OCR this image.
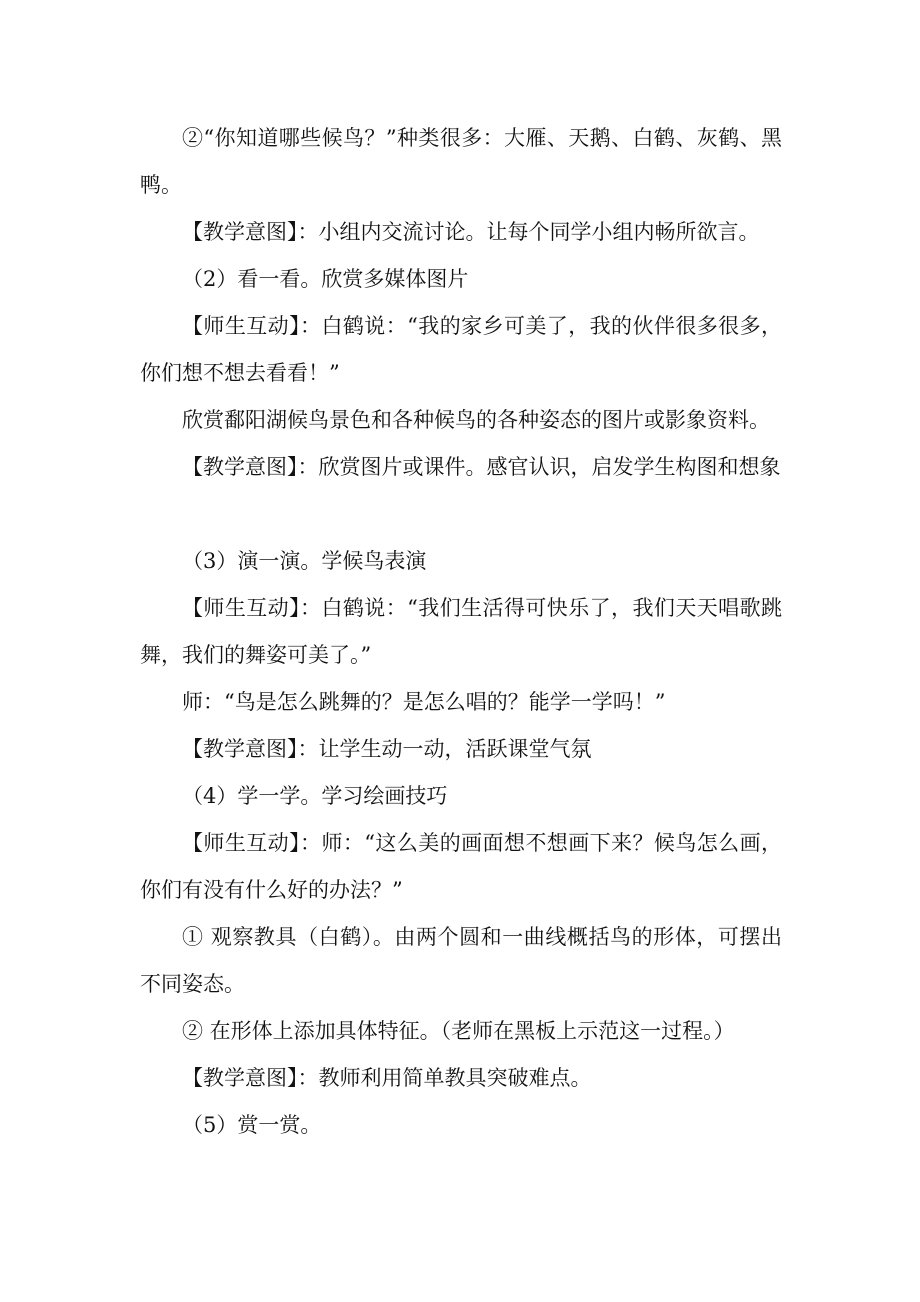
②“你知道哪些候鸟？”种类很多：大雁、天鹅、白鹤、灰鹤、黑鸭。

【教学意图】：小组内交流讨论。让每个同学小组内畅所欲言。

（2）看一看。欣赏多媒体图片

【师生互动】：白鹤说：“我的家乡可美了，我的伙伴很多很多，你们想不想去看看！”

欣赏鄱阳湖候鸟景色和各种候鸟的各种姿态的图片或影象资料。

【教学意图】：欣赏图片或课件。感官认识，启发学生构图和想象

（3）演一演。学候鸟表演

【师生互动】：白鹤说：“我们生活得可快乐了，我们天天唱歌跳舞，我们的舞姿可美了。”

师：“鸟是怎么跳舞的？是怎么唱的？能学一学吗！”

【教学意图】：让学生动一动，活跃课堂气氛

（4）学一学。学习绘画技巧

【师生互动】：师：“这么美的画面想不想画下来？候鸟怎么画，你们有没有什么好的办法？”

① 观察教具（白鹤）。由两个圆和一曲线概括鸟的形体，可摆出不同姿态。

② 在形体上添加具体特征。（老师在黑板上示范这一过程。）

【教学意图】：教师利用简单教具突破难点。

（5）赏一赏。
